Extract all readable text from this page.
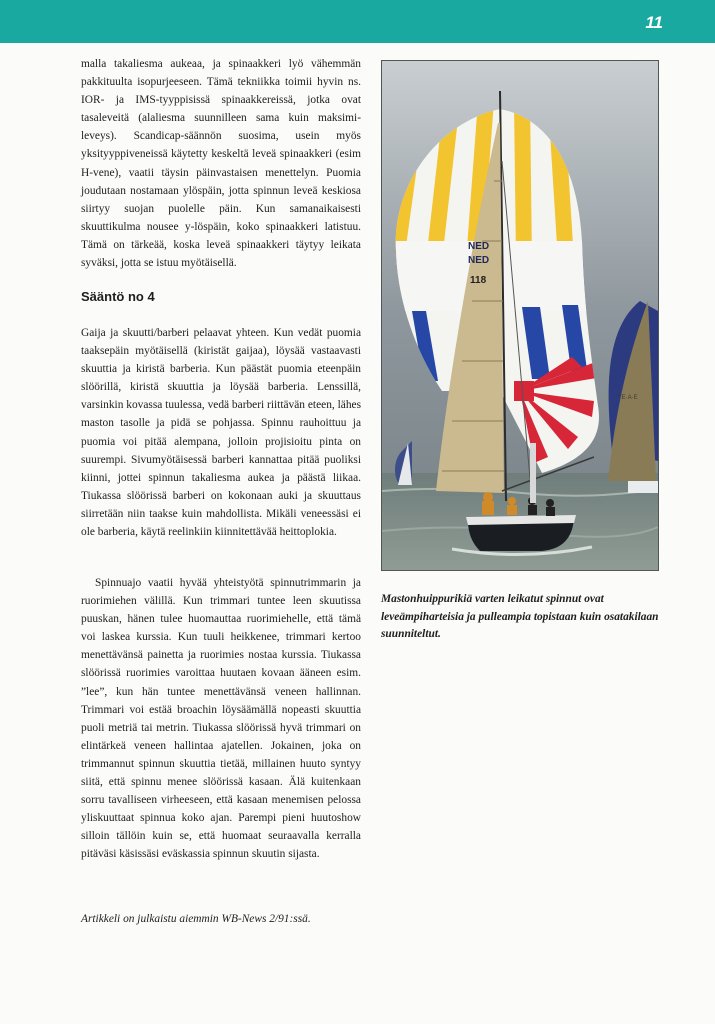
11

malla takaliesma aukeaa, ja spinaakkeri lyö vähemmän pakkituulta isopurjeeseen. Tämä tekniikka toimii hyvin ns. IOR- ja IMS-tyyppisissä spinaakkereissä, jotka ovat tasaleveitä (alaliesma suunnilleen sama kuin maksimi-leveys). Scandicap-säännön suosima, usein myös yksityyppiveneissä käytetty keskeltä leveä spinaakkeri (esim H-vene), vaatii täysin päinvastaisen menettelyn. Puomia joudutaan nostamaan ylöspäin, jotta spinnun leveä keskiosa siirtyy suojan puolelle päin. Kun samanaikaisesti skuuttikulma nousee y-löspäin, koko spinaakkeri latistuu. Tämä on tärkeää, koska leveä spinaakkeri täytyy leikata syväksi, jotta se istuu myötäisellä.

Sääntö no 4

Gaija ja skuutti/barberi pelaavat yhteen. Kun vedät puomia taaksepäin myötäisellä (kiristät gaijaa), löysää vastaavasti skuuttia ja kiristä barberia. Kun päästät puomia eteenpäin slöörillä, kiristä skuuttia ja löysää barberia. Lenssillä, varsinkin kovassa tuulessa, vedä barberi riittävän eteen, lähes maston tasolle ja pidä se pohjassa. Spinnu rauhoittuu ja puomia voi pitää alempana, jolloin projisioitu pinta on suurempi. Sivumyötäisessä barberi kannattaa pitää puoliksi kiinni, jottei spinnun takaliesma aukea ja päästä liikaa. Tiukassa slöörissä barberi on kokonaan auki ja skuuttaus siirretään niin taakse kuin mahdollista. Mikäli veneessäsi ei ole barberia, käytä reelinkiin kiinnitettävää heittoplokia.

Spinnuajo vaatii hyvää yhteistyötä spinnutrimmarin ja ruorimiehen välillä. Kun trimmari tuntee leen skuutissa puuskan, hänen tulee huomauttaa ruorimiehelle, että tämä voi laskea kurssia. Kun tuuli heikkenee, trimmari kertoo menettävänsä painetta ja ruorimies nostaa kurssia. Tiukassa slöörissä ruorimies varoittaa huutaen kovaan ääneen esim. ”lee”, kun hän tuntee menettävänsä veneen hallinnan. Trimmari voi estää broachin löysäämällä nopeasti skuuttia puoli metriä tai metrin. Tiukassa slöörissä hyvä trimmari on elintärkeä veneen hallintaa ajatellen. Jokainen, joka on trimmannut spinnun skuuttia tietää, millainen huuto syntyy siitä, että spinnu menee slöörissä kasaan. Älä kuitenkaan sorru tavalliseen virheeseen, että kasaan menemisen pelossa yliskuuttaat spinnua koko ajan. Parempi pieni huutoshow silloin tällöin kuin se, että huomaat seuraavalla kerralla pitäväsi käsissäsi eväskassia spinnun skuutin sijasta.

Artikkeli on julkaistu aiemmin WB-News 2/91:ssä.
TE·A·E
NED
NED
118
Mastonhuippurikiä varten leikatut spinnut ovat leveämpiharteisia ja pulleampia topistaan kuin osatakilaan suunniteltut.
